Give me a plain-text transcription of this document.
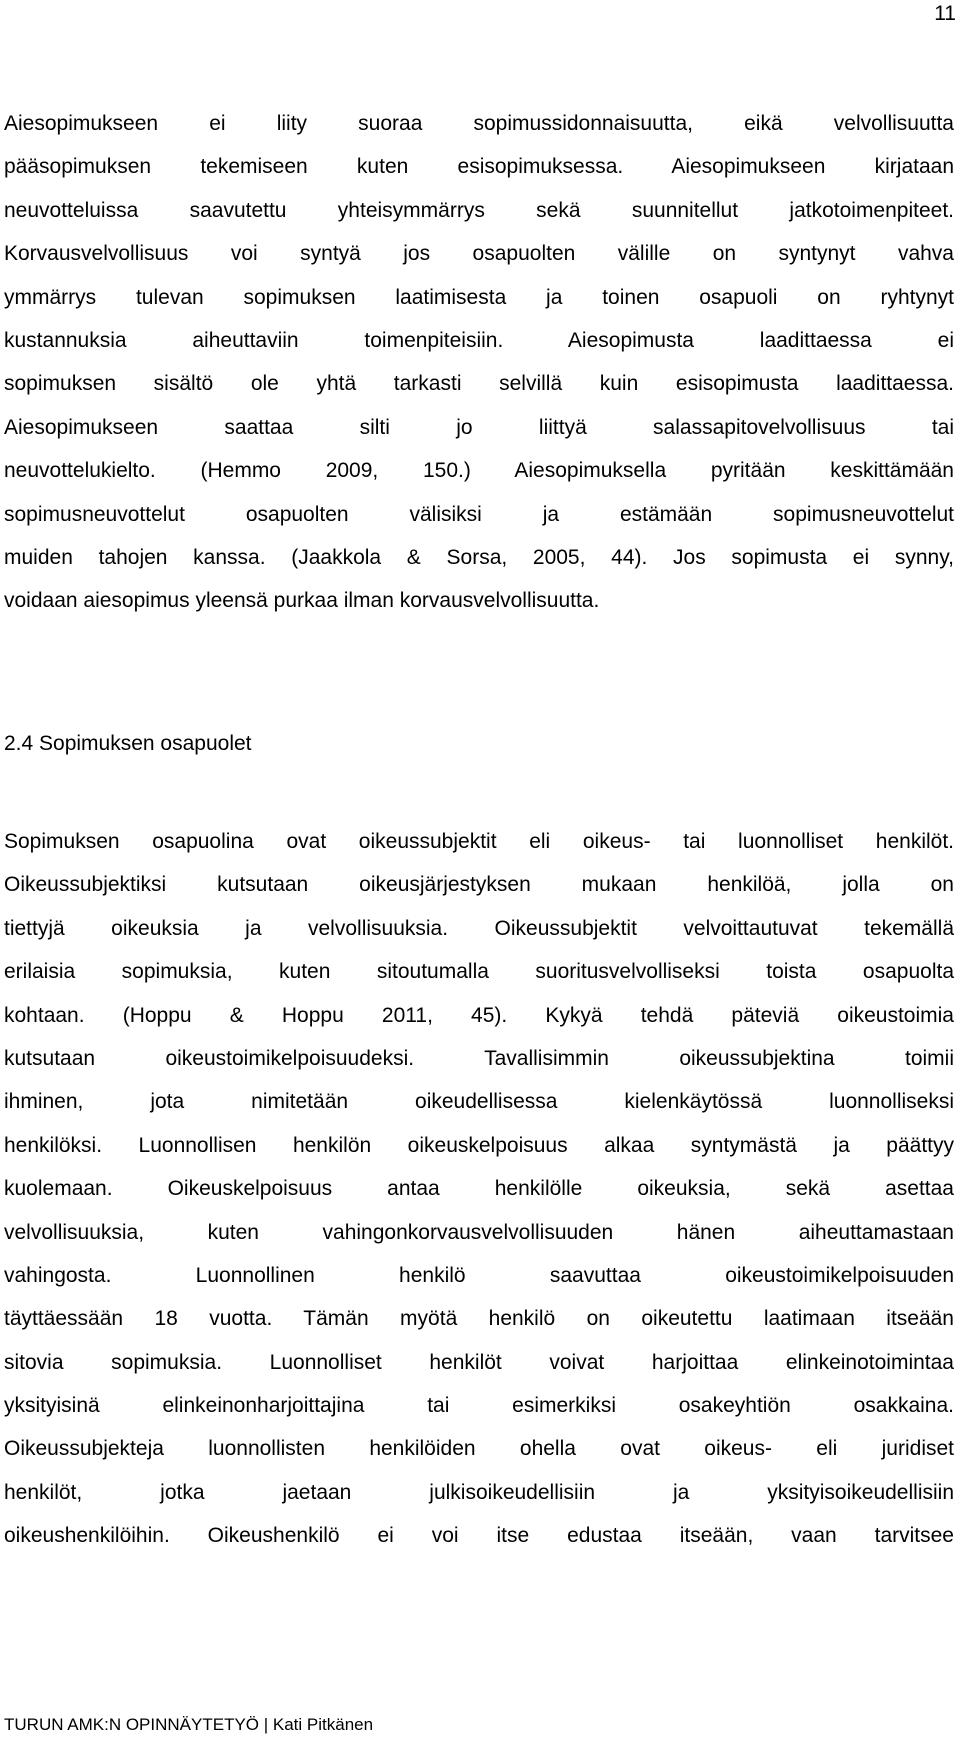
11
Aiesopimukseen ei liity suoraa sopimussidonnaisuutta, eikä velvollisuutta
pääsopimuksen tekemiseen kuten esisopimuksessa. Aiesopimukseen kirjataan
neuvotteluissa saavutettu yhteisymmärrys sekä suunnitellut jatkotoimenpiteet.
Korvausvelvollisuus voi syntyä jos osapuolten välille on syntynyt vahva
ymmärrys tulevan sopimuksen laatimisesta ja toinen osapuoli on ryhtynyt
kustannuksia aiheuttaviin toimenpiteisiin. Aiesopimusta laadittaessa ei
sopimuksen sisältö ole yhtä tarkasti selvillä kuin esisopimusta laadittaessa.
Aiesopimukseen saattaa silti jo liittyä salassapitovelvollisuus tai
neuvottelukielto. (Hemmo 2009, 150.) Aiesopimuksella pyritään keskittämään
sopimusneuvottelut osapuolten välisiksi ja estämään sopimusneuvottelut
muiden tahojen kanssa. (Jaakkola & Sorsa, 2005, 44). Jos sopimusta ei synny,
voidaan aiesopimus yleensä purkaa ilman korvausvelvollisuutta.
2.4 Sopimuksen osapuolet
Sopimuksen osapuolina ovat oikeussubjektit eli oikeus- tai luonnolliset henkilöt.
Oikeussubjektiksi kutsutaan oikeusjärjestyksen mukaan henkilöä, jolla on
tiettyjä oikeuksia ja velvollisuuksia. Oikeussubjektit velvoittautuvat tekemällä
erilaisia sopimuksia, kuten sitoutumalla suoritusvelvolliseksi toista osapuolta
kohtaan. (Hoppu & Hoppu 2011, 45). Kykyä tehdä päteviä oikeustoimia
kutsutaan oikeustoimikelpoisuudeksi. Tavallisimmin oikeussubjektina toimii
ihminen, jota nimitetään oikeudellisessa kielenkäytössä luonnolliseksi
henkilöksi. Luonnollisen henkilön oikeuskelpoisuus alkaa syntymästä ja päättyy
kuolemaan. Oikeuskelpoisuus antaa henkilölle oikeuksia, sekä asettaa
velvollisuuksia, kuten vahingonkorvausvelvollisuuden hänen aiheuttamastaan
vahingosta. Luonnollinen henkilö saavuttaa oikeustoimikelpoisuuden
täyttäessään 18 vuotta. Tämän myötä henkilö on oikeutettu laatimaan itseään
sitovia sopimuksia. Luonnolliset henkilöt voivat harjoittaa elinkeinotoimintaa
yksityisinä elinkeinonharjoittajina tai esimerkiksi osakeyhtiön osakkaina.
Oikeussubjekteja luonnollisten henkilöiden ohella ovat oikeus- eli juridiset
henkilöt, jotka jaetaan julkisoikeudellisiin ja yksityisoikeudellisiin
oikeushenkilöihin. Oikeushenkilö ei voi itse edustaa itseään, vaan tarvitsee
TURUN AMK:N OPINNÄYTETYÖ | Kati Pitkänen
